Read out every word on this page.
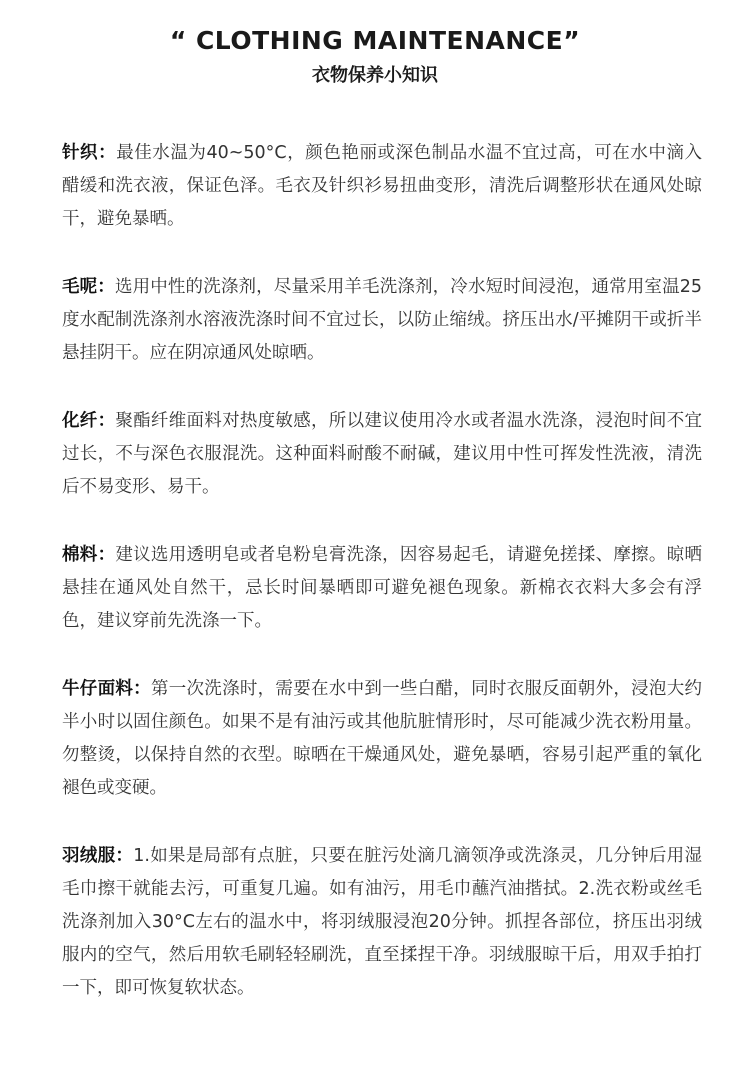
“ CLOTHING MAINTENANCE”
衣物保养小知识

针织：最佳水温为40~50°C，颜色艳丽或深色制品水温不宜过高，可在水中滴入醋缓和洗衣液，保证色泽。毛衣及针织衫易扭曲变形，清洗后调整形状在通风处晾干，避免暴晒。

毛呢：选用中性的洗涤剂，尽量采用羊毛洗涤剂，冷水短时间浸泡，通常用室温25度水配制洗涤剂水溶液洗涤时间不宜过长，以防止缩绒。挤压出水/平摊阴干或折半悬挂阴干。应在阴凉通风处晾晒。

化纤：聚酯纤维面料对热度敏感，所以建议使用冷水或者温水洗涤，浸泡时间不宜过长，不与深色衣服混洗。这种面料耐酸不耐碱，建议用中性可挥发性洗液，清洗后不易变形、易干。

棉料：建议选用透明皂或者皂粉皂膏洗涤，因容易起毛，请避免搓揉、摩擦。晾晒悬挂在通风处自然干，忌长时间暴晒即可避免褪色现象。新棉衣衣料大多会有浮色，建议穿前先洗涤一下。

牛仔面料：第一次洗涤时，需要在水中到一些白醋，同时衣服反面朝外，浸泡大约半小时以固住颜色。如果不是有油污或其他肮脏情形时，尽可能减少洗衣粉用量。勿整烫，以保持自然的衣型。晾晒在干燥通风处，避免暴晒，容易引起严重的氧化褪色或变硬。

羽绒服：1.如果是局部有点脏，只要在脏污处滴几滴领净或洗涤灵，几分钟后用湿毛巾擦干就能去污，可重复几遍。如有油污，用毛巾蘸汽油揩拭。2.洗衣粉或丝毛洗涤剂加入30°C左右的温水中，将羽绒服浸泡20分钟。抓捏各部位，挤压出羽绒服内的空气，然后用软毛刷轻轻刷洗，直至揉捏干净。羽绒服晾干后，用双手拍打一下，即可恢复软状态。
